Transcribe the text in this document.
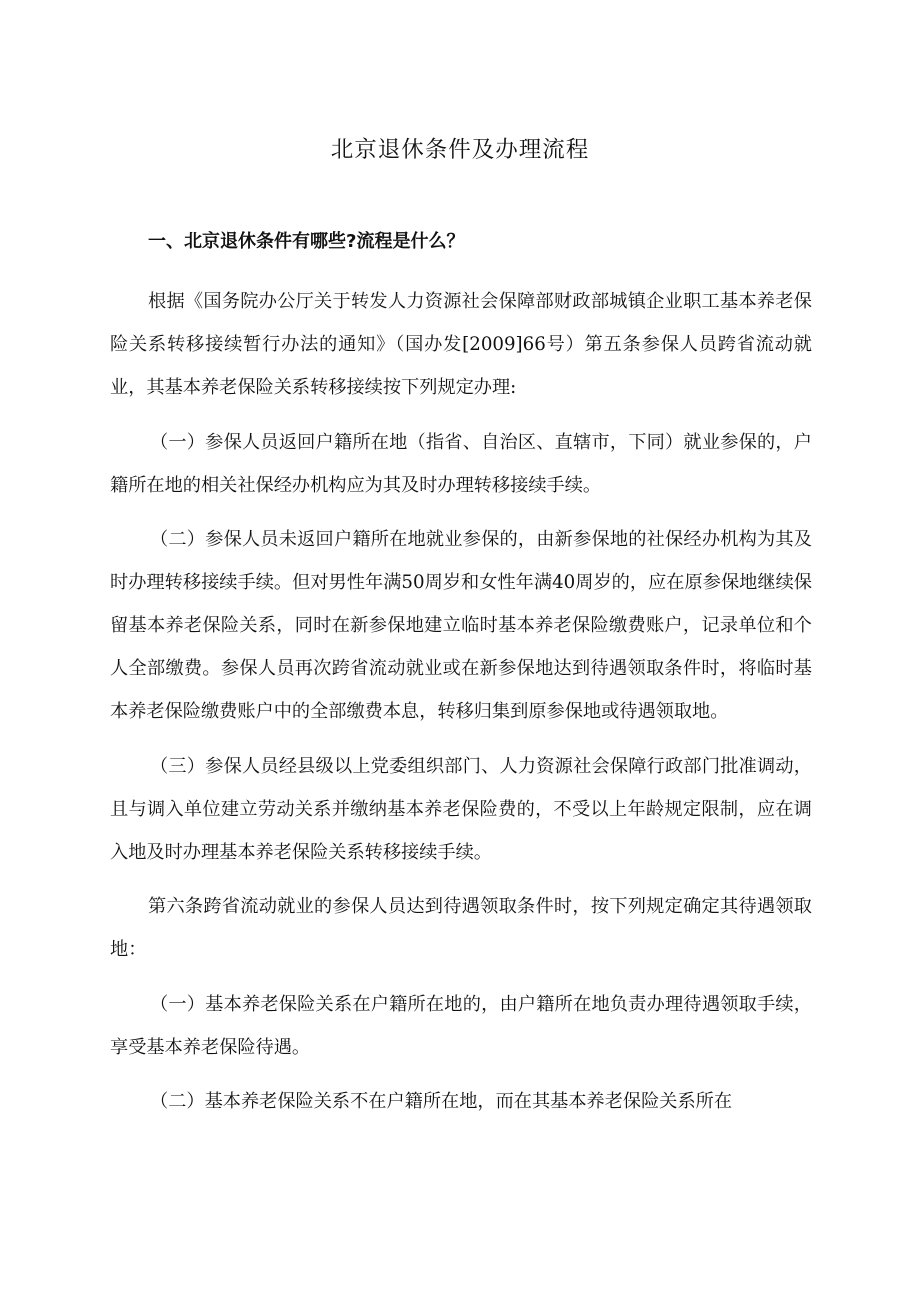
北京退休条件及办理流程
一、北京退休条件有哪些?流程是什么？

根据《国务院办公厅关于转发人力资源社会保障部财政部城镇企业职工基本养老保险关系转移接续暂行办法的通知》（国办发[2009]66号）第五条参保人员跨省流动就业，其基本养老保险关系转移接续按下列规定办理:

（一）参保人员返回户籍所在地（指省、自治区、直辖市，下同）就业参保的，户籍所在地的相关社保经办机构应为其及时办理转移接续手续。

（二）参保人员未返回户籍所在地就业参保的，由新参保地的社保经办机构为其及时办理转移接续手续。但对男性年满50周岁和女性年满40周岁的，应在原参保地继续保留基本养老保险关系，同时在新参保地建立临时基本养老保险缴费账户，记录单位和个人全部缴费。参保人员再次跨省流动就业或在新参保地达到待遇领取条件时，将临时基本养老保险缴费账户中的全部缴费本息，转移归集到原参保地或待遇领取地。

（三）参保人员经县级以上党委组织部门、人力资源社会保障行政部门批准调动，且与调入单位建立劳动关系并缴纳基本养老保险费的，不受以上年龄规定限制，应在调入地及时办理基本养老保险关系转移接续手续。

第六条跨省流动就业的参保人员达到待遇领取条件时，按下列规定确定其待遇领取地：

（一）基本养老保险关系在户籍所在地的，由户籍所在地负责办理待遇领取手续，享受基本养老保险待遇。

（二）基本养老保险关系不在户籍所在地，而在其基本养老保险关系所在
